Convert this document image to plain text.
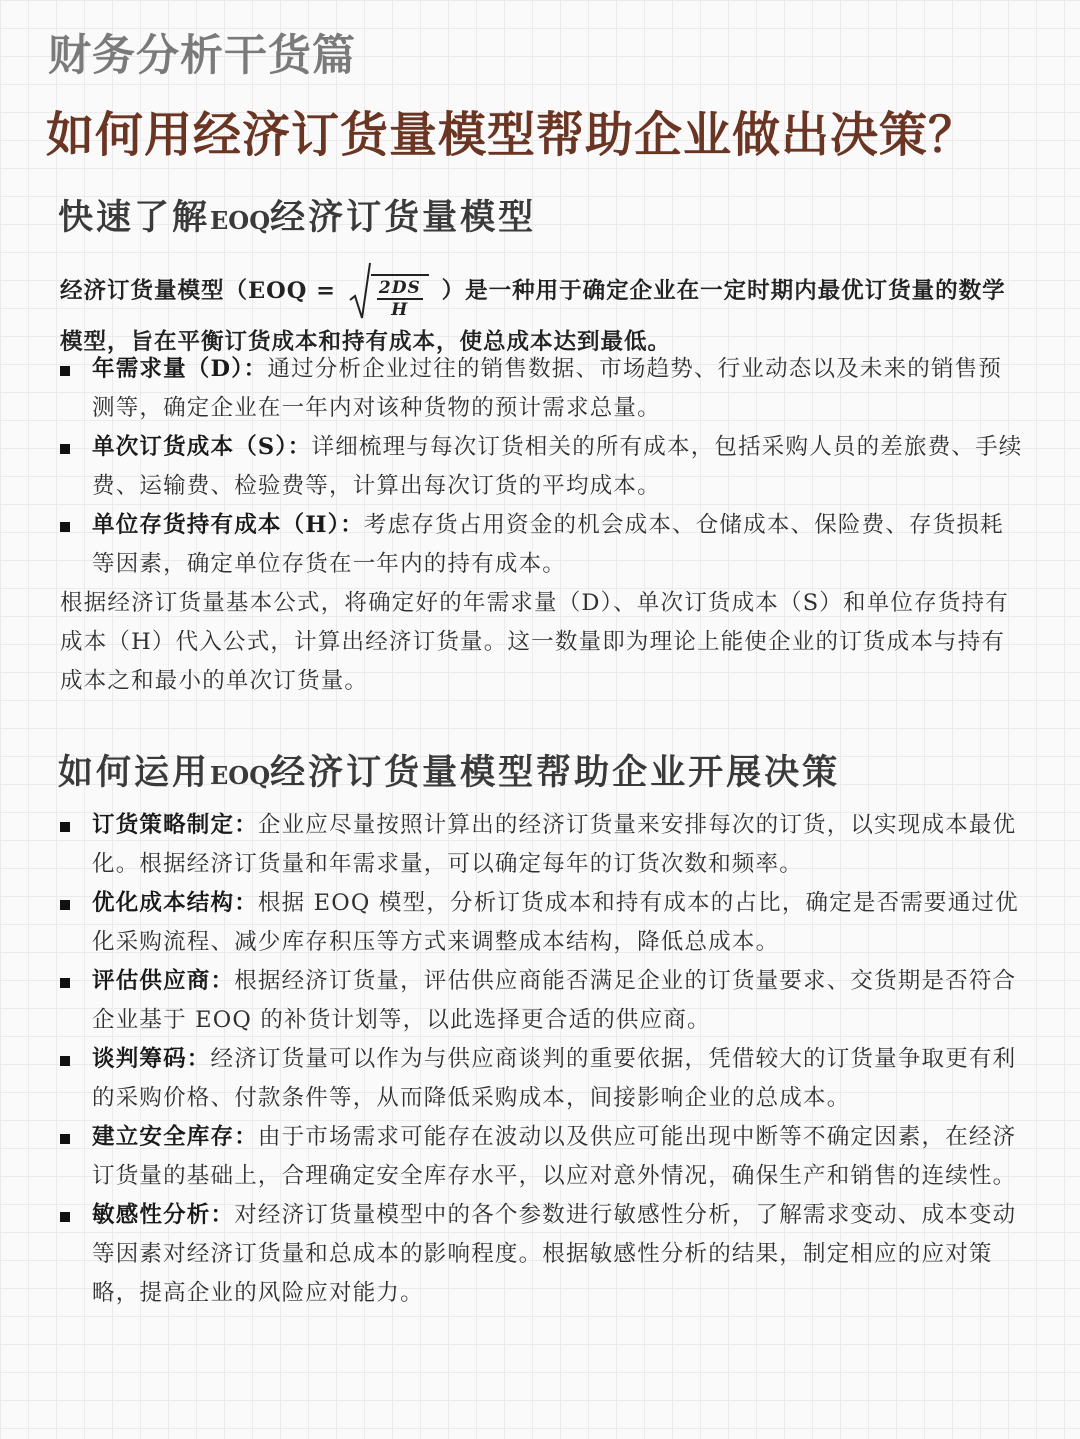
财务分析干货篇
如何用经济订货量模型帮助企业做出决策？
快速了解EOQ经济订货量模型
经济订货量模型（$EOQ = \frac{2DS}{H}$ ）是一种用于确定企业在一定时期内最优订货量的数学模型，旨在平衡订货成本和持有成本，使总成本达到最低。
年需求量（D）：通过分析企业过往的销售数据、市场趋势、行业动态以及未来的销售预测等，确定企业在一年内对该种货物的预计需求总量。
单次订货成本（S）：详细梳理与每次订货相关的所有成本，包括采购人员的差旅费、手续费、运输费、检验费等，计算出每次订货的平均成本。
单位存货持有成本（H）：考虑存货占用资金的机会成本、仓储成本、保险费、存货损耗等因素，确定单位存货在一年内的持有成本。

根据经济订货量基本公式，将确定好的年需求量（D）、单次订货成本（S）和单位存货持有成本（H）代入公式，计算出经济订货量。这一数量即为理论上能使企业的订货成本与持有成本之和最小的单次订货量。

如何运用EOQ经济订货量模型帮助企业开展决策
订货策略制定：企业应尽量按照计算出的经济订货量来安排每次的订货，以实现成本最优化。根据经济订货量和年需求量，可以确定每年的订货次数和频率。
优化成本结构：根据 EOQ 模型，分析订货成本和持有成本的占比，确定是否需要通过优化采购流程、减少库存积压等方式来调整成本结构，降低总成本。
评估供应商：根据经济订货量，评估供应商能否满足企业的订货量要求、交货期是否符合企业基于 EOQ 的补货计划等，以此选择更合适的供应商。
谈判筹码：经济订货量可以作为与供应商谈判的重要依据，凭借较大的订货量争取更有利的采购价格、付款条件等，从而降低采购成本，间接影响企业的总成本。
建立安全库存：由于市场需求可能存在波动以及供应可能出现中断等不确定因素，在经济订货量的基础上，合理确定安全库存水平，以应对意外情况，确保生产和销售的连续性。
敏感性分析：对经济订货量模型中的各个参数进行敏感性分析，了解需求变动、成本变动等因素对经济订货量和总成本的影响程度。根据敏感性分析的结果，制定相应的应对策略，提高企业的风险应对能力。
